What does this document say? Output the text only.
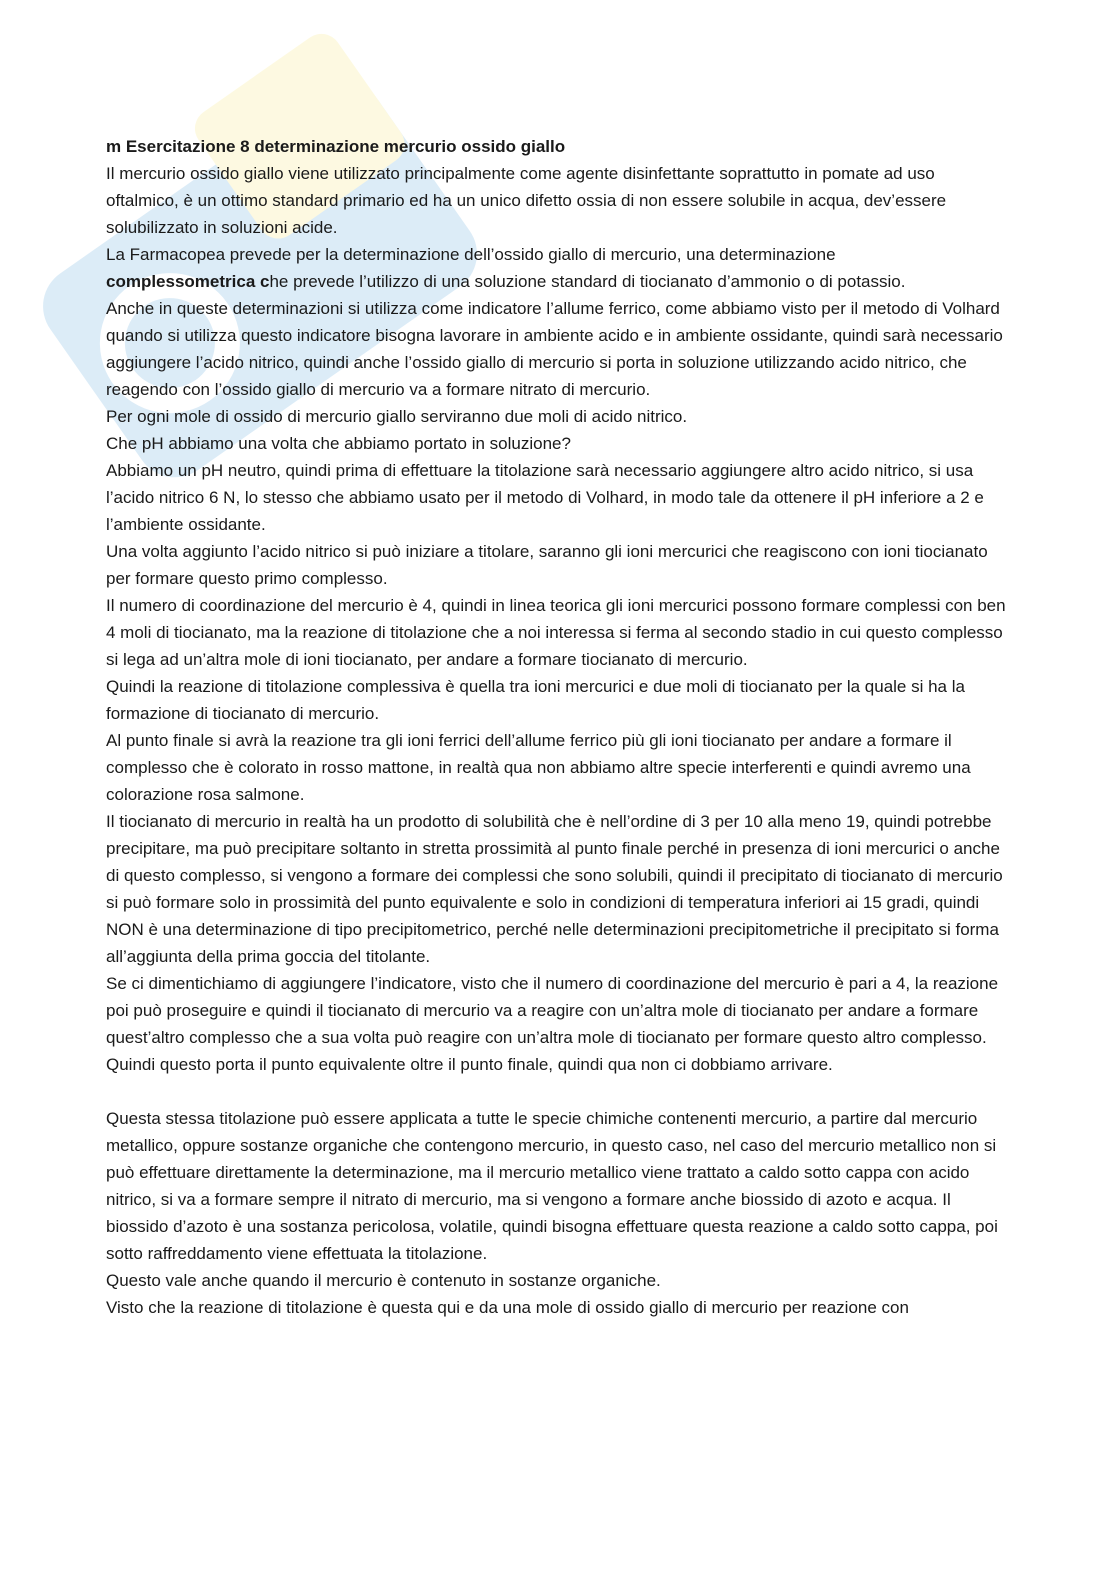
m Esercitazione 8 determinazione mercurio ossido giallo

Il mercurio ossido giallo viene utilizzato principalmente come agente disinfettante soprattutto in pomate ad uso oftalmico, è un ottimo standard primario ed ha un unico difetto ossia di non essere solubile in acqua, dev’essere solubilizzato in soluzioni acide.

La Farmacopea prevede per la determinazione dell’ossido giallo di mercurio, una determinazione

complessometrica che prevede l’utilizzo di una soluzione standard di tiocianato d’ammonio o di potassio.

Anche in queste determinazioni si utilizza come indicatore l’allume ferrico, come abbiamo visto per il metodo di Volhard quando si utilizza questo indicatore bisogna lavorare in ambiente acido e in ambiente ossidante, quindi sarà necessario aggiungere l’acido nitrico, quindi anche l’ossido giallo di mercurio si porta in soluzione utilizzando acido nitrico, che reagendo con l’ossido giallo di mercurio va a formare nitrato di mercurio.

Per ogni mole di ossido di mercurio giallo serviranno due moli di acido nitrico.

Che pH abbiamo una volta che abbiamo portato in soluzione?

Abbiamo un pH neutro, quindi prima di effettuare la titolazione sarà necessario aggiungere altro acido nitrico, si usa l’acido nitrico 6 N, lo stesso che abbiamo usato per il metodo di Volhard, in modo tale da ottenere il pH inferiore a 2 e l’ambiente ossidante.

Una volta aggiunto l’acido nitrico si può iniziare a titolare, saranno gli ioni mercurici che reagiscono con ioni tiocianato per formare questo primo complesso.

Il numero di coordinazione del mercurio è 4, quindi in linea teorica gli ioni mercurici possono formare complessi con ben 4 moli di tiocianato, ma la reazione di titolazione che a noi interessa si ferma al secondo stadio in cui questo complesso si lega ad un’altra mole di ioni tiocianato, per andare a formare tiocianato di mercurio.

Quindi la reazione di titolazione complessiva è quella tra ioni mercurici e due moli di tiocianato per la quale si ha la formazione di tiocianato di mercurio.

Al punto finale si avrà la reazione tra gli ioni ferrici dell’allume ferrico più gli ioni tiocianato per andare a formare il complesso che è colorato in rosso mattone, in realtà qua non abbiamo altre specie interferenti e quindi avremo una colorazione rosa salmone.

Il tiocianato di mercurio in realtà ha un prodotto di solubilità che è nell’ordine di 3 per 10 alla meno 19, quindi potrebbe precipitare, ma può precipitare soltanto in stretta prossimità al punto finale perché in presenza di ioni mercurici o anche di questo complesso, si vengono a formare dei complessi che sono solubili, quindi il precipitato di tiocianato di mercurio si può formare solo in prossimità del punto equivalente e solo in condizioni di temperatura inferiori ai 15 gradi, quindi NON è una determinazione di tipo precipitometrico, perché nelle determinazioni precipitometriche il precipitato si forma all’aggiunta della prima goccia del titolante.

Se ci dimentichiamo di aggiungere l’indicatore, visto che il numero di coordinazione del mercurio è pari a 4, la reazione poi può proseguire e quindi il tiocianato di mercurio va a reagire con un’altra mole di tiocianato per andare a formare quest’altro complesso che a sua volta può reagire con un’altra mole di tiocianato per formare questo altro complesso.

Quindi questo porta il punto equivalente oltre il punto finale, quindi qua non ci dobbiamo arrivare.

Questa stessa titolazione può essere applicata a tutte le specie chimiche contenenti mercurio, a partire dal mercurio metallico, oppure sostanze organiche che contengono mercurio, in questo caso, nel caso del mercurio metallico non si può effettuare direttamente la determinazione, ma il mercurio metallico viene trattato a caldo sotto cappa con acido nitrico, si va a formare sempre il nitrato di mercurio, ma si vengono a formare anche biossido di azoto e acqua. Il biossido d’azoto è una sostanza pericolosa, volatile, quindi bisogna effettuare questa reazione a caldo sotto cappa, poi sotto raffreddamento viene effettuata la titolazione.

Questo vale anche quando il mercurio è contenuto in sostanze organiche.

Visto che la reazione di titolazione è questa qui e da una mole di ossido giallo di mercurio per reazione con
